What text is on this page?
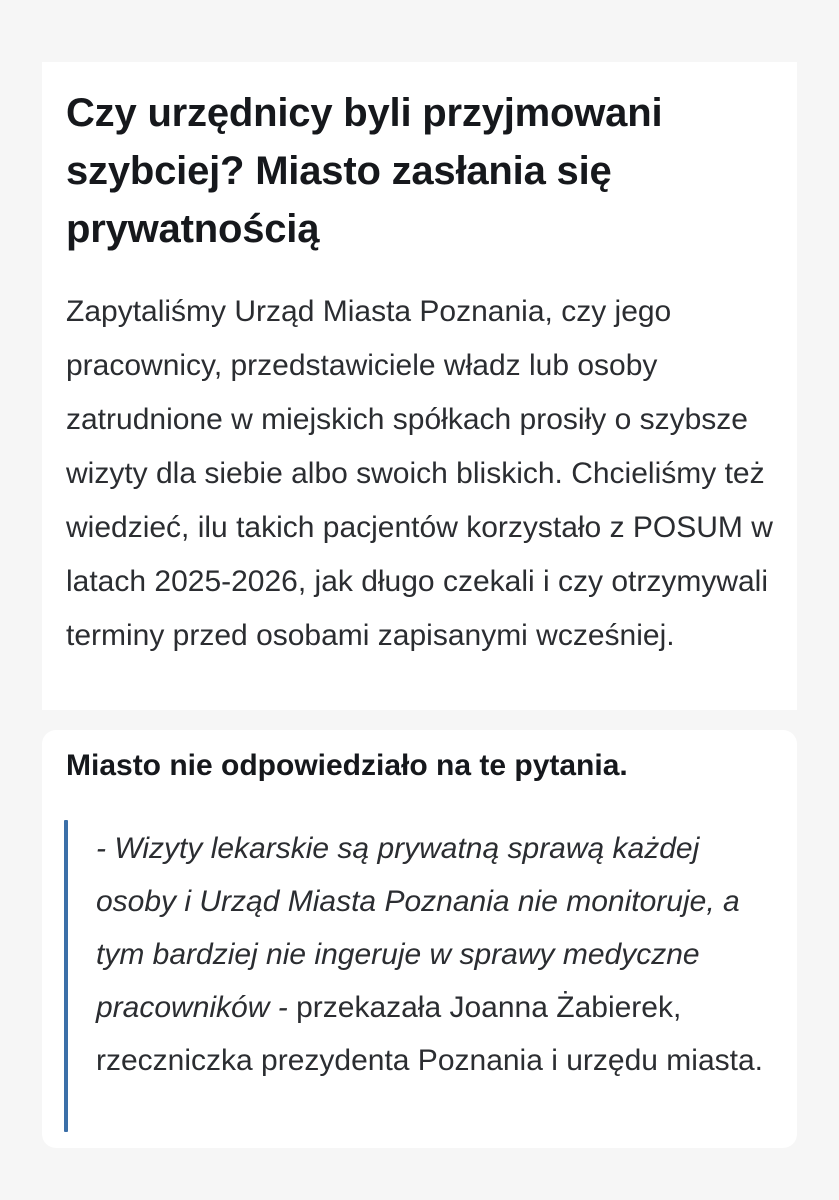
Czy urzędnicy byli przyjmowani szybciej? Miasto zasłania się prywatnością

Zapytaliśmy Urząd Miasta Poznania, czy jego pracownicy, przedstawiciele władz lub osoby zatrudnione w miejskich spółkach prosiły o szybsze wizyty dla siebie albo swoich bliskich. Chcieliśmy też wiedzieć, ilu takich pacjentów korzystało z POSUM w latach 2025-2026, jak długo czekali i czy otrzymywali terminy przed osobami zapisanymi wcześniej.

Miasto nie odpowiedziało na te pytania.

- Wizyty lekarskie są prywatną sprawą każdej osoby i Urząd Miasta Poznania nie monitoruje, a tym bardziej nie ingeruje w sprawy medyczne pracowników - przekazała Joanna Żabierek, rzeczniczka prezydenta Poznania i urzędu miasta.
